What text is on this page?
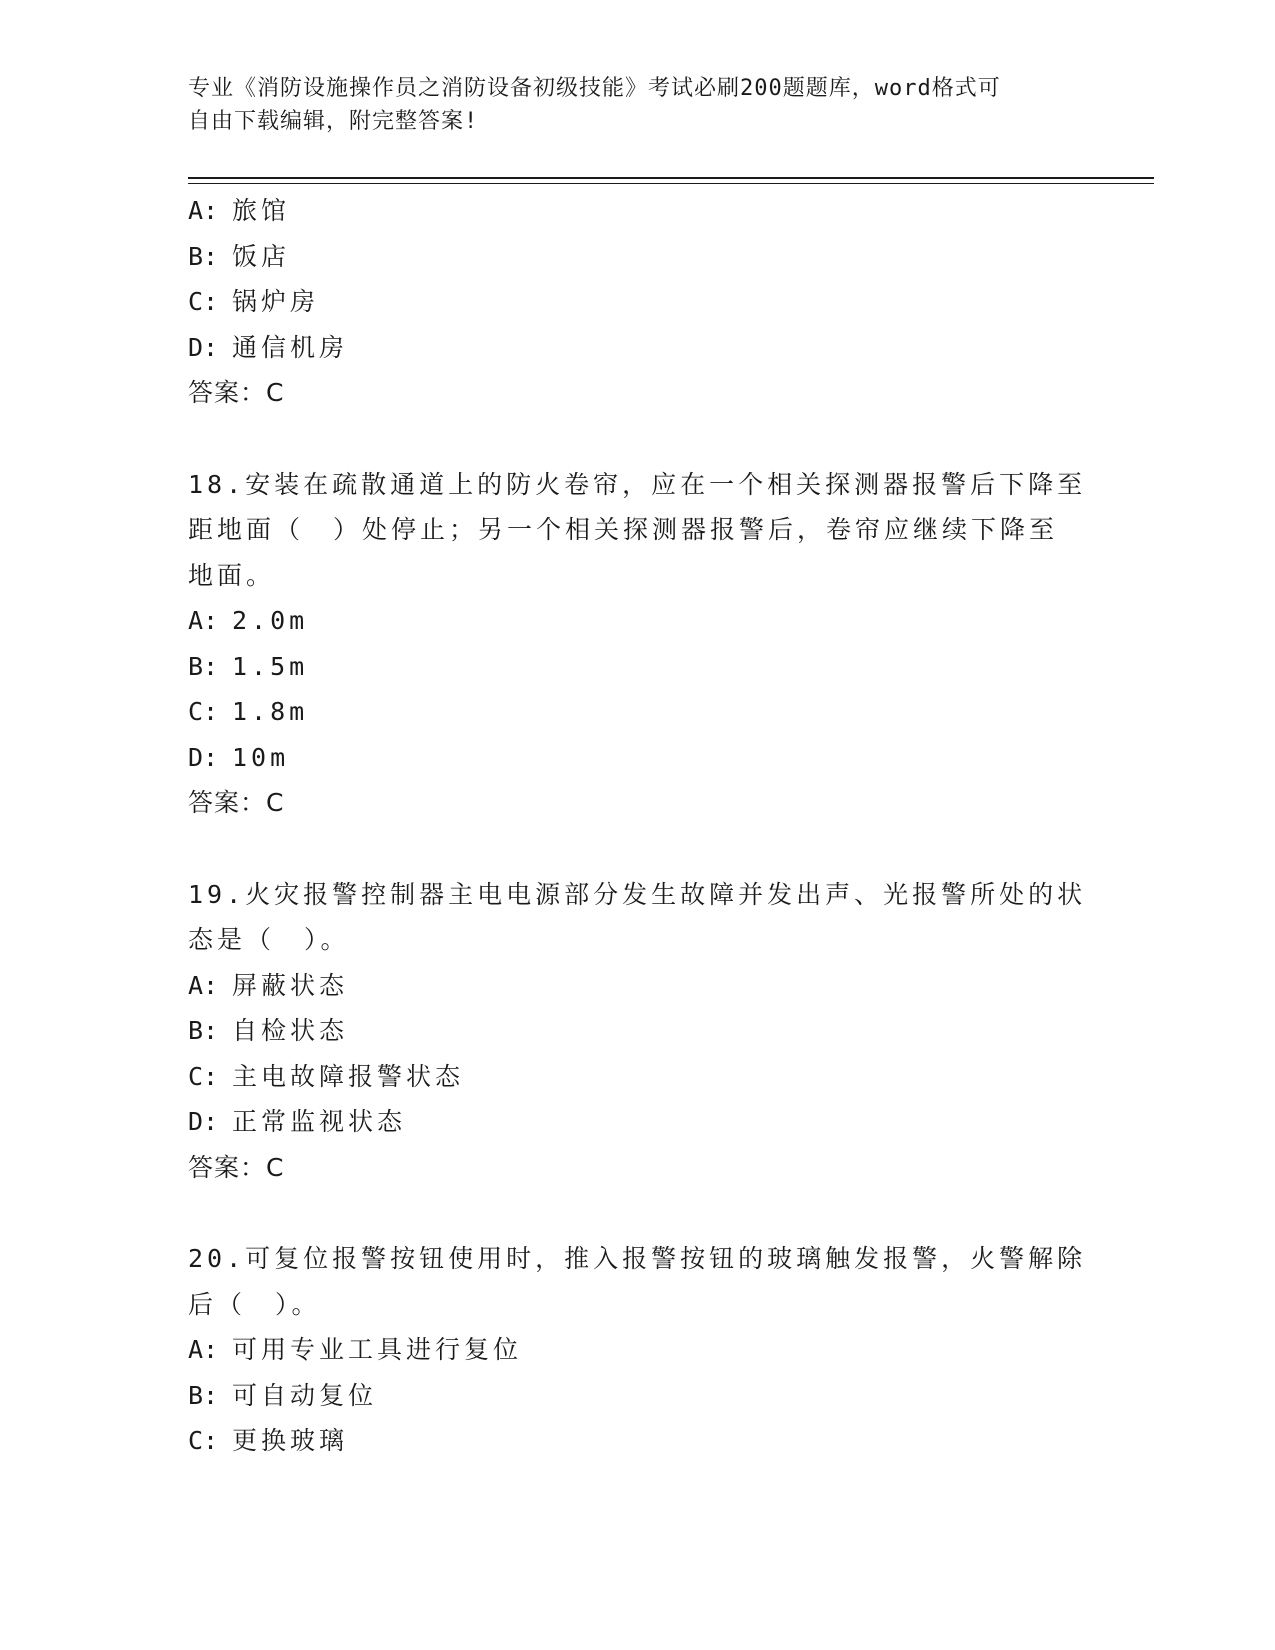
专业《消防设施操作员之消防设备初级技能》考试必刷200题题库，word格式可
自由下载编辑，附完整答案!
A: 旅馆
B: 饭店
C: 锅炉房
D: 通信机房
答案：C
18.安装在疏散通道上的防火卷帘，应在一个相关探测器报警后下降至
距地面（　）处停止；另一个相关探测器报警后，卷帘应继续下降至
地面。
A: 2.0m
B: 1.5m
C: 1.8m
D: 10m
答案：C
19.火灾报警控制器主电电源部分发生故障并发出声、光报警所处的状
态是（　）。
A: 屏蔽状态
B: 自检状态
C: 主电故障报警状态
D: 正常监视状态
答案：C
20.可复位报警按钮使用时，推入报警按钮的玻璃触发报警，火警解除
后（　）。
A: 可用专业工具进行复位
B: 可自动复位
C: 更换玻璃
